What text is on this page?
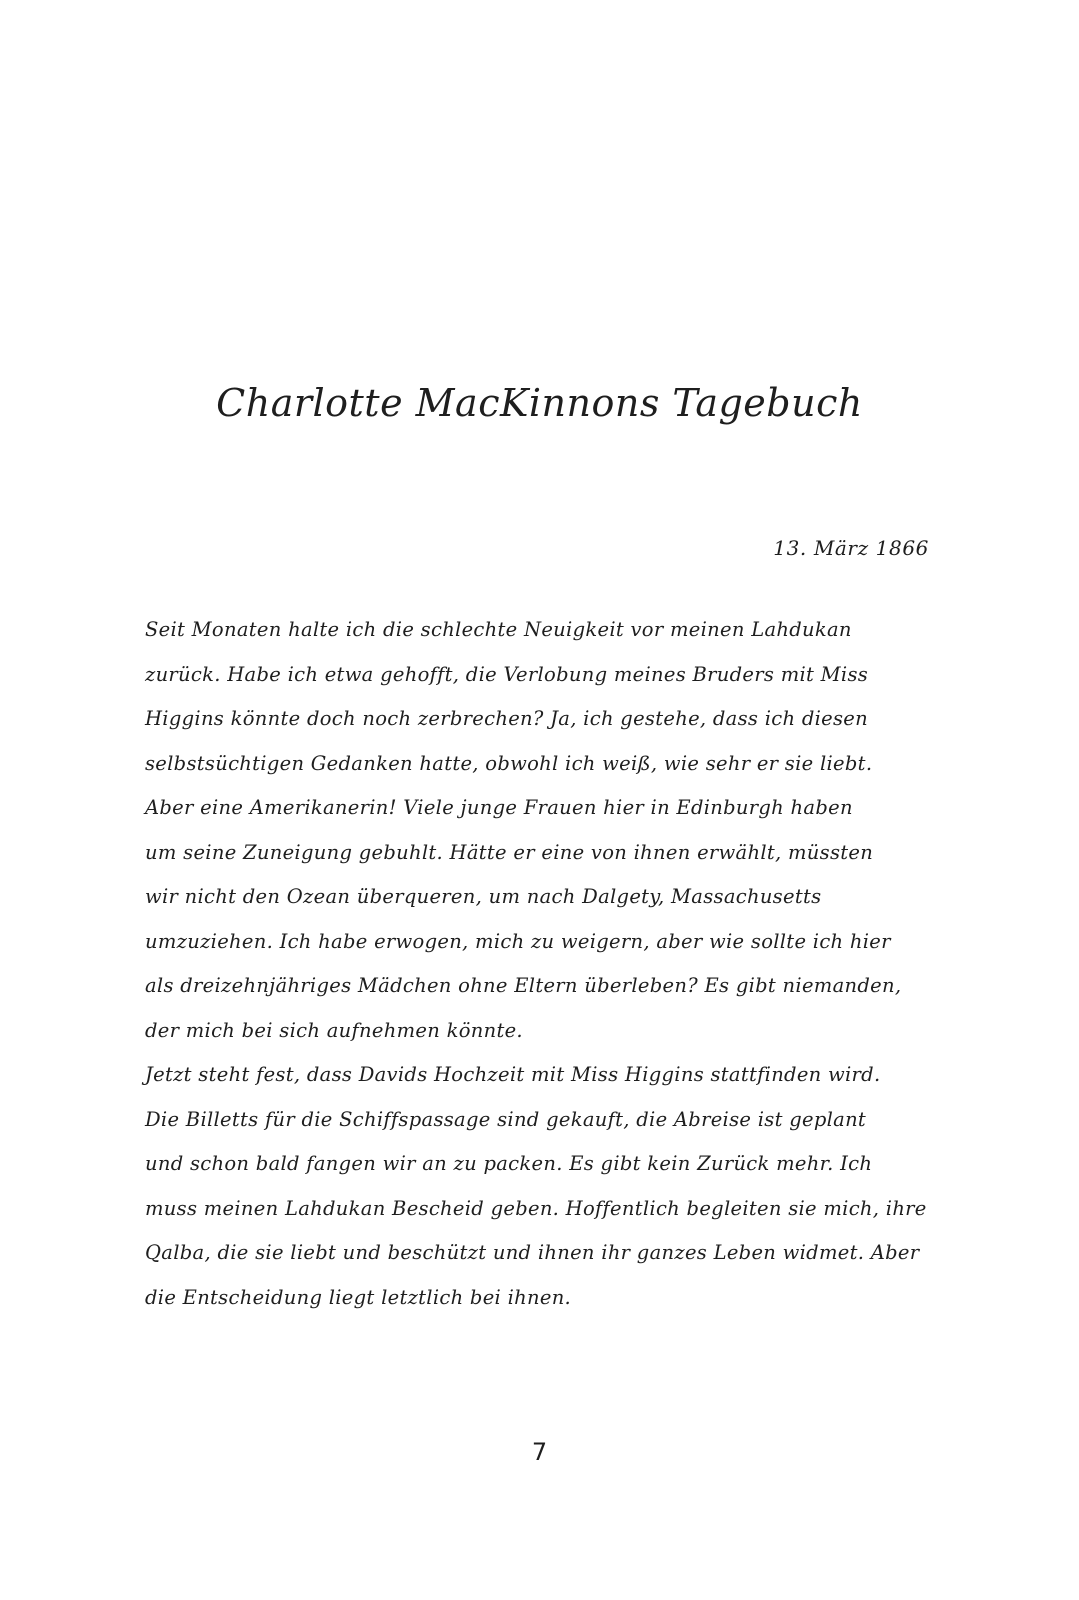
Charlotte MacKinnons Tagebuch
13. März 1866
Seit Monaten halte ich die schlechte Neuigkeit vor meinen Lahdukan
zurück. Habe ich etwa gehofft, die Verlobung meines Bruders mit Miss
Higgins könnte doch noch zerbrechen? Ja, ich gestehe, dass ich diesen
selbstsüchtigen Gedanken hatte, obwohl ich weiß, wie sehr er sie liebt.
Aber eine Amerikanerin! Viele junge Frauen hier in Edinburgh haben
um seine Zuneigung gebuhlt. Hätte er eine von ihnen erwählt, müssten
wir nicht den Ozean überqueren, um nach Dalgety, Massachusetts
umzuziehen. Ich habe erwogen, mich zu weigern, aber wie sollte ich hier
als dreizehnjähriges Mädchen ohne Eltern überleben? Es gibt niemanden,
der mich bei sich aufnehmen könnte.
Jetzt steht fest, dass Davids Hochzeit mit Miss Higgins stattfinden wird.
Die Billetts für die Schiffspassage sind gekauft, die Abreise ist geplant
und schon bald fangen wir an zu packen. Es gibt kein Zurück mehr. Ich
muss meinen Lahdukan Bescheid geben. Hoffentlich begleiten sie mich, ihre
Qalba, die sie liebt und beschützt und ihnen ihr ganzes Leben widmet. Aber
die Entscheidung liegt letztlich bei ihnen.
7
